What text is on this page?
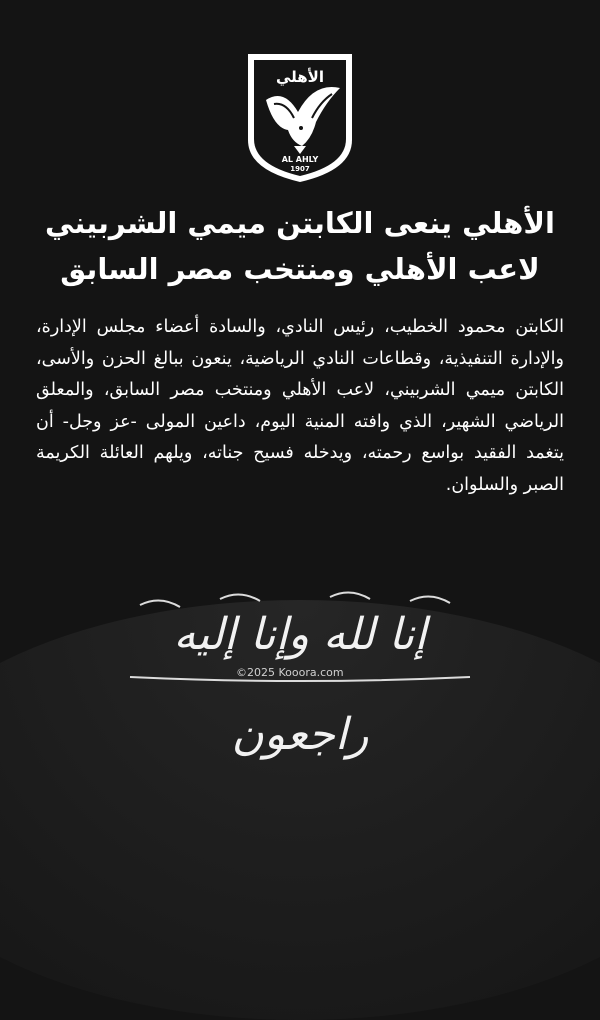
الأهلي
AL AHLY
1907
الأهلي ينعى الكابتن ميمي الشربيني
لاعب الأهلي ومنتخب مصر السابق
الكابتن محمود الخطيب، رئيس النادي، والسادة أعضاء مجلس الإدارة، والإدارة التنفيذية، وقطاعات النادي الرياضية، ينعون ببالغ الحزن والأسى، الكابتن ميمي الشربيني، لاعب الأهلي ومنتخب مصر السابق، والمعلق الرياضي الشهير، الذي وافته المنية اليوم، داعين المولى -عز وجل- أن يتغمد الفقيد بواسع رحمته، ويدخله فسيح جناته، ويلهم العائلة الكريمة الصبر والسلوان.
إنا لله وإنا إليه راجعون
©2025 Kooora.com
